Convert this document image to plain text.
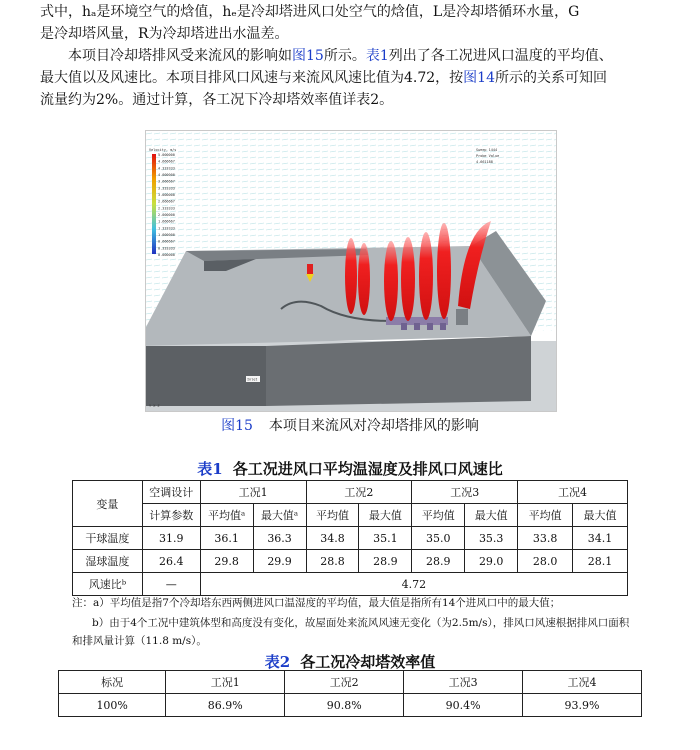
式中，hₐ是环境空气的焓值，hₑ是冷却塔进风口处空气的焓值，L是冷却塔循环水量，G
是冷却塔风量，R为冷却塔进出水温差。
本项目冷却塔排风受来流风的影响如图15所示。表1列出了各工况进风口温度的平均值、
最大值以及风速比。本项目排风口风速与来流风风速比值为4.72，按图14所示的关系可知回
流量约为2%。通过计算，各工况下冷却塔效率值详表2。
Velocity, m/s
5.000000
4.666667
4.333333
4.000000
3.666667
3.333333
3.000000
2.666667
2.333333
2.000000
1.666667
1.333333
1.000000
0.666667
0.333333
0.000000
Sweep 1444
Probe Value
4.661188
Inlet
Y X Z
图15 本项目来流风对冷却塔排风的影响
表1 各工况进风口平均温湿度及排风口风速比
变量	空调设计	工况1		工况2		工况3		工况4	
	计算参数	平均值ᵃ	最大值ᵃ	平均值	最大值	平均值	最大值	平均值	最大值
干球温度	31.9	36.1	36.3	34.8	35.1	35.0	35.3	33.8	34.1
湿球温度	26.4	29.8	29.9	28.8	28.9	28.9	29.0	28.0	28.1
风速比ᵇ	—	4.72							
注：a）平均值是指7个冷却塔东西两侧进风口温湿度的平均值，最大值是指所有14个进风口中的最大值；
b）由于4个工况中建筑体型和高度没有变化，故屋面处来流风风速无变化（为2.5m/s），排风口风速根据排风口面积
和排风量计算（11.8 m/s）。
表2 各工况冷却塔效率值
标况	工况1	工况2	工况3	工况4
100%	86.9%	90.8%	90.4%	93.9%
